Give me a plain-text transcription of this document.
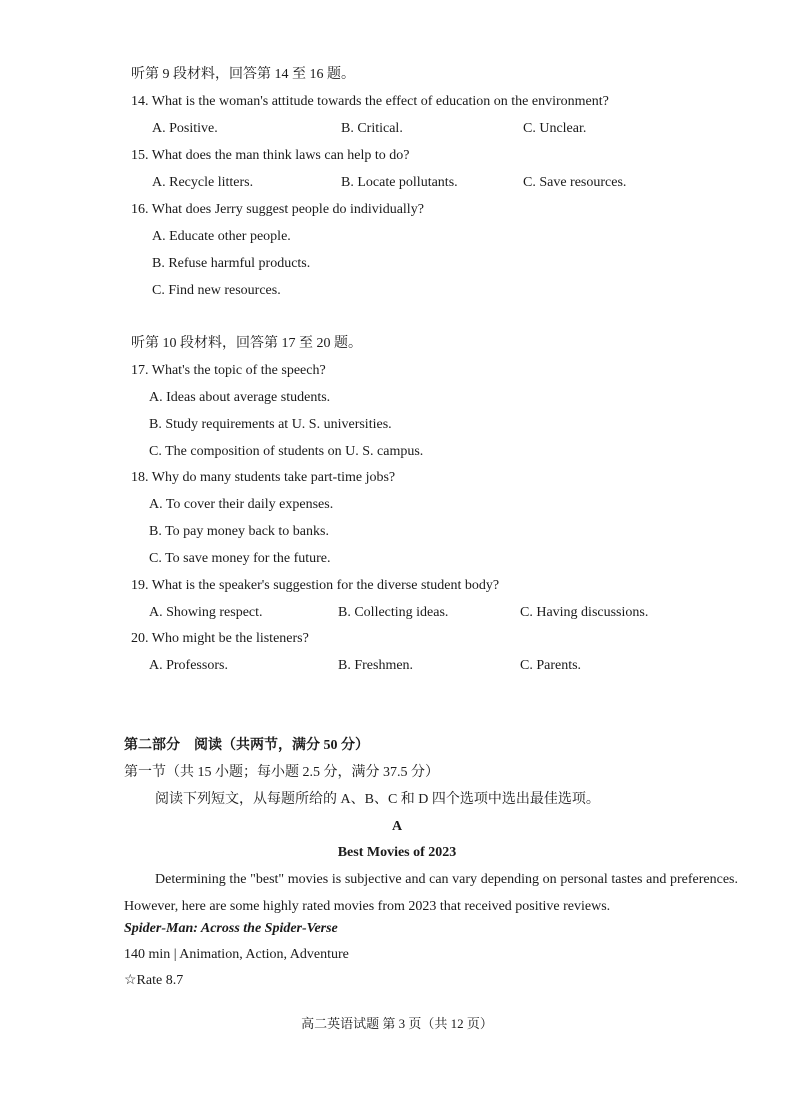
听第 9 段材料，回答第 14 至 16 题。
14. What is the woman's attitude towards the effect of education on the environment?
A. Positive.	B. Critical.	C. Unclear.
15. What does the man think laws can help to do?
A. Recycle litters.	B. Locate pollutants.	C. Save resources.
16. What does Jerry suggest people do individually?
A. Educate other people.
B. Refuse harmful products.
C. Find new resources.
听第 10 段材料，回答第 17 至 20 题。
17. What's the topic of the speech?
A. Ideas about average students.
B. Study requirements at U. S. universities.
C. The composition of students on U. S. campus.
18. Why do many students take part-time jobs?
A. To cover their daily expenses.
B. To pay money back to banks.
C. To save money for the future.
19. What is the speaker's suggestion for the diverse student body?
A. Showing respect.	B. Collecting ideas.	C. Having discussions.
20. Who might be the listeners?
A. Professors.	B. Freshmen.	C. Parents.
第二部分　阅读（共两节，满分 50 分）
第一节（共 15 小题；每小题 2.5 分，满分 37.5 分）
阅读下列短文，从每题所给的 A、B、C 和 D 四个选项中选出最佳选项。
A
Best Movies of 2023
Determining the "best" movies is subjective and can vary depending on personal tastes and preferences. However, here are some highly rated movies from 2023 that received positive reviews.
Spider-Man: Across the Spider-Verse
140 min | Animation, Action, Adventure
☆Rate 8.7
高二英语试题 第 3 页（共 12 页）
